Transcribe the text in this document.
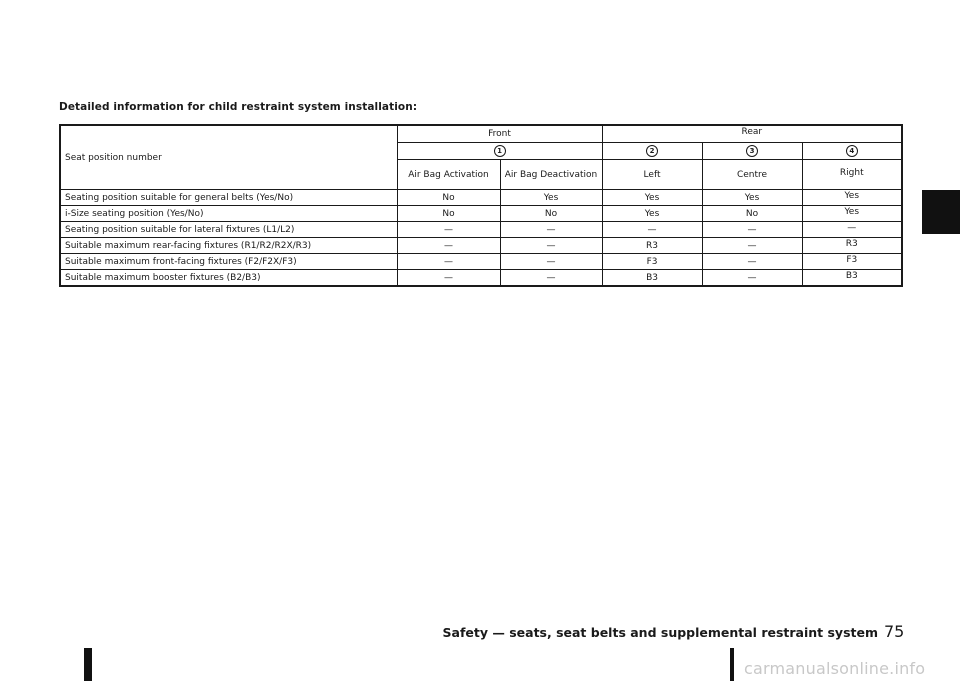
Detailed information for child restraint system installation:
Seat position number	Front		Rear		
	1		2	3	4
	Air Bag Activation	Air Bag Deactivation	Left	Centre	Right
Seating position suitable for general belts (Yes/No)	No	Yes	Yes	Yes	Yes
i-Size seating position (Yes/No)	No	No	Yes	No	Yes
Seating position suitable for lateral fixtures (L1/L2)	—	—	—	—	—
Suitable maximum rear-facing fixtures (R1/R2/R2X/R3)	—	—	R3	—	R3
Suitable maximum front-facing fixtures (F2/F2X/F3)	—	—	F3	—	F3
Suitable maximum booster fixtures (B2/B3)	—	—	B3	—	B3
Safety — seats, seat belts and supplemental restraint system 75
carmanualsonline.info
